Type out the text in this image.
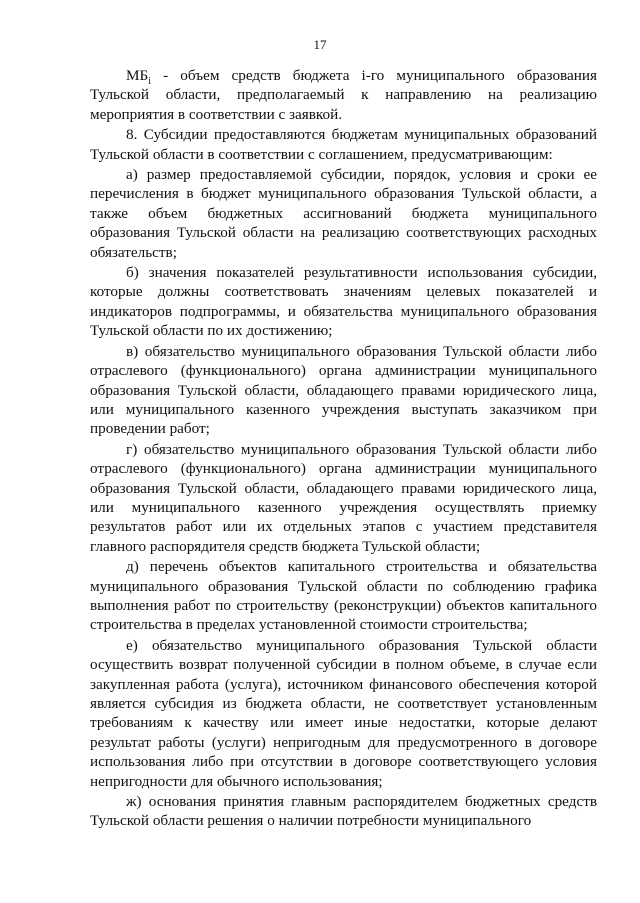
17

$МБ_i$ - объем средств бюджета i-го муниципального образования Тульской области, предполагаемый к направлению на реализацию мероприятия в соответствии с заявкой.

8. Субсидии предоставляются бюджетам муниципальных образований Тульской области в соответствии с соглашением, предусматривающим:

а) размер предоставляемой субсидии, порядок, условия и сроки ее перечисления в бюджет муниципального образования Тульской области, а также объем бюджетных ассигнований бюджета муниципального образования Тульской области на реализацию соответствующих расходных обязательств;

б) значения показателей результативности использования субсидии, которые должны соответствовать значениям целевых показателей и индикаторов подпрограммы, и обязательства муниципального образования Тульской области по их достижению;

в) обязательство муниципального образования Тульской области либо отраслевого (функционального) органа администрации муниципального образования Тульской области, обладающего правами юридического лица, или муниципального казенного учреждения выступать заказчиком при проведении работ;

г) обязательство муниципального образования Тульской области либо отраслевого (функционального) органа администрации муниципального образования Тульской области, обладающего правами юридического лица, или муниципального казенного учреждения осуществлять приемку результатов работ или их отдельных этапов с участием представителя главного распорядителя средств бюджета Тульской области;

д) перечень объектов капитального строительства и обязательства муниципального образования Тульской области по соблюдению графика выполнения работ по строительству (реконструкции) объектов капитального строительства в пределах установленной стоимости строительства;

е) обязательство муниципального образования Тульской области осуществить возврат полученной субсидии в полном объеме, в случае если закупленная работа (услуга), источником финансового обеспечения которой является субсидия из бюджета области, не соответствует установленным требованиям к качеству или имеет иные недостатки, которые делают результат работы (услуги) непригодным для предусмотренного в договоре использования либо при отсутствии в договоре соответствующего условия непригодности для обычного использования;

ж) основания принятия главным распорядителем бюджетных средств Тульской области решения о наличии потребности муниципального
